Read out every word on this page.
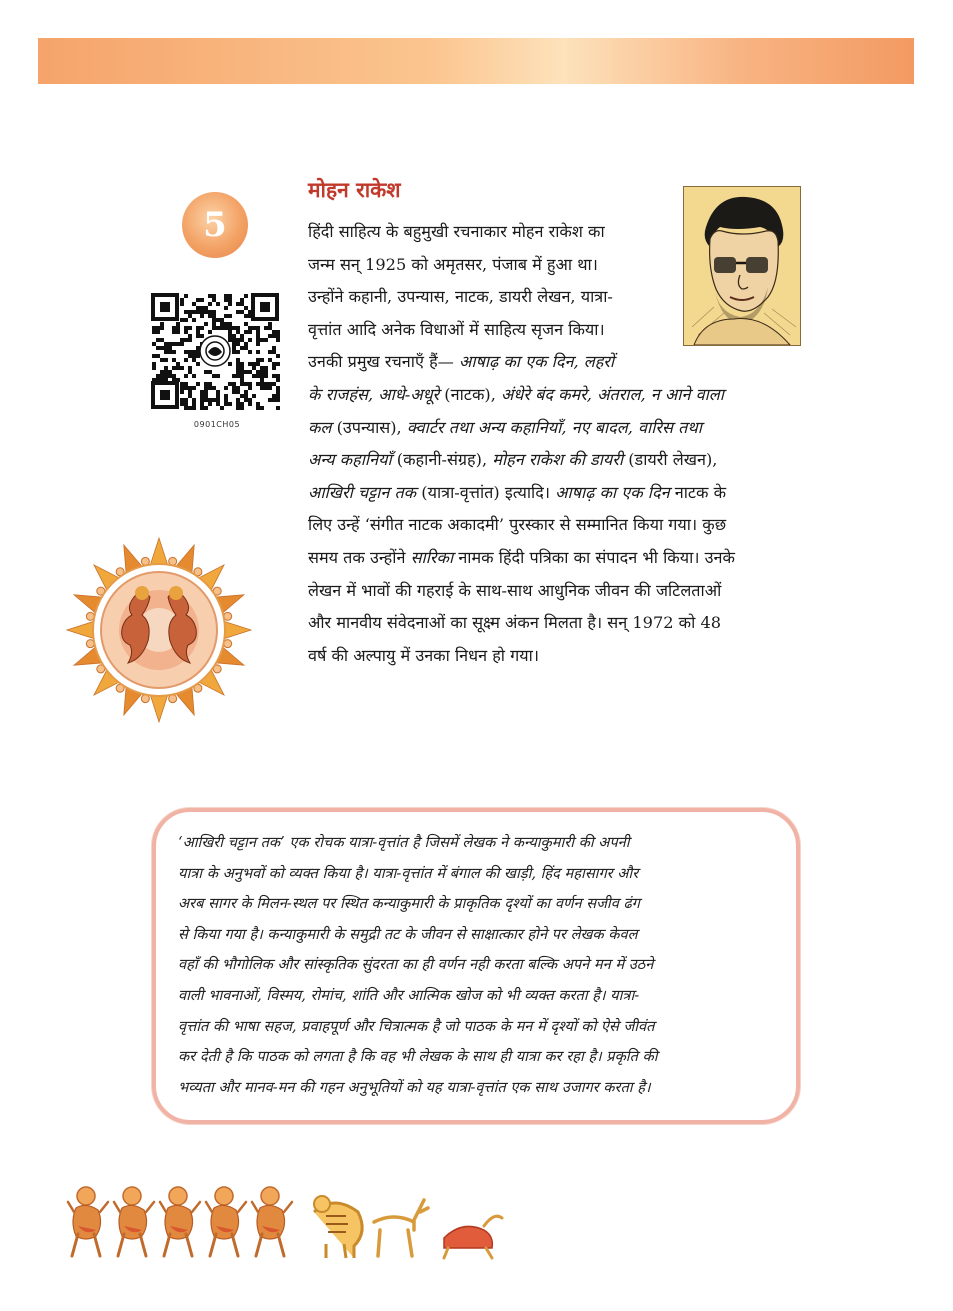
5
0901CH05
मोहन राकेश

हिंदी साहित्य के बहुमुखी रचनाकार मोहन राकेश का
जन्म सन् 1925 को अमृतसर, पंजाब में हुआ था।
उन्होंने कहानी, उपन्यास, नाटक, डायरी लेखन, यात्रा-
वृत्तांत आदि अनेक विधाओं में साहित्य सृजन किया।
उनकी प्रमुख रचनाएँ हैं— आषाढ़ का एक दिन, लहरों
के राजहंस, आधे-अधूरे (नाटक), अंधेरे बंद कमरे, अंतराल, न आने वाला
कल (उपन्यास), क्वार्टर तथा अन्य कहानियाँ, नए बादल, वारिस तथा
अन्य कहानियाँ (कहानी-संग्रह), मोहन राकेश की डायरी (डायरी लेखन),
आखिरी चट्टान तक (यात्रा-वृत्तांत) इत्यादि। आषाढ़ का एक दिन नाटक के
लिए उन्हें ‘संगीत नाटक अकादमी’ पुरस्कार से सम्मानित किया गया। कुछ
समय तक उन्होंने सारिका नामक हिंदी पत्रिका का संपादन भी किया। उनके
लेखन में भावों की गहराई के साथ-साथ आधुनिक जीवन की जटिलताओं
और मानवीय संवेदनाओं का सूक्ष्म अंकन मिलता है। सन् 1972 को 48
वर्ष की अल्पायु में उनका निधन हो गया।

‘आखिरी चट्टान तक’ एक रोचक यात्रा-वृत्तांत है जिसमें लेखक ने कन्याकुमारी की अपनी
यात्रा के अनुभवों को व्यक्त किया है। यात्रा-वृत्तांत में बंगाल की खाड़ी, हिंद महासागर और
अरब सागर के मिलन-स्थल पर स्थित कन्याकुमारी के प्राकृतिक दृश्यों का वर्णन सजीव ढंग
से किया गया है। कन्याकुमारी के समुद्री तट के जीवन से साक्षात्कार होने पर लेखक केवल
वहाँ की भौगोलिक और सांस्कृतिक सुंदरता का ही वर्णन नही करता बल्कि अपने मन में उठने
वाली भावनाओं, विस्मय, रोमांच, शांति और आत्मिक खोज को भी व्यक्त करता है। यात्रा-
वृत्तांत की भाषा सहज, प्रवाहपूर्ण और चित्रात्मक है जो पाठक के मन में दृश्यों को ऐसे जीवंत
कर देती है कि पाठक को लगता है कि वह भी लेखक के साथ ही यात्रा कर रहा है। प्रकृति की
भव्यता और मानव-मन की गहन अनुभूतियों को यह यात्रा-वृत्तांत एक साथ उजागर करता है।
